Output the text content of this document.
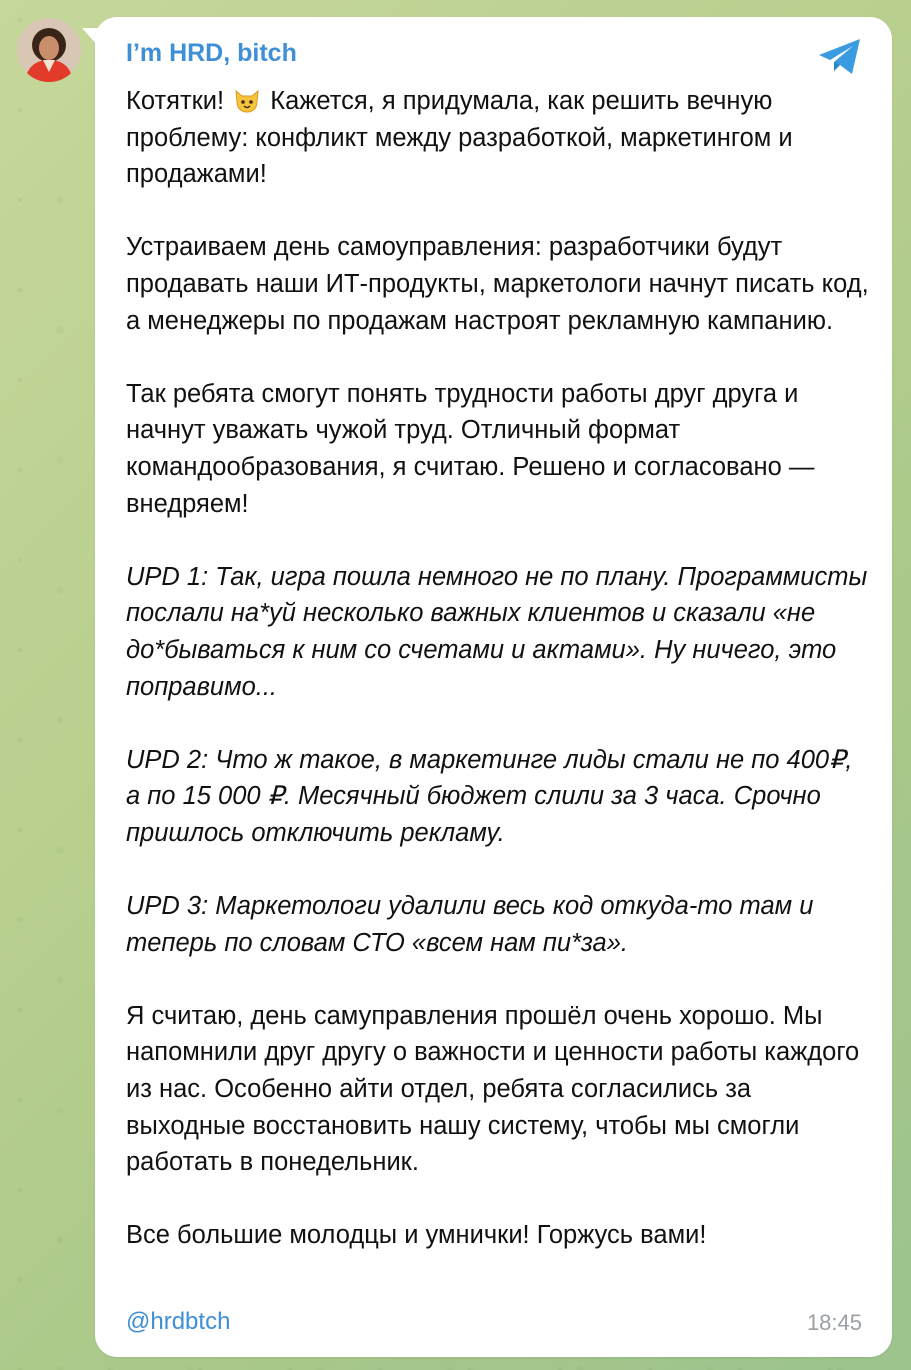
I’m HRD, bitch

Котятки!  Кажется, я придумала, как решить вечную проблему: конфликт между разработкой, маркетингом и продажами!

Устраиваем день самоуправления: разработчики будут продавать наши ИТ-продукты, маркетологи начнут писать код, а менеджеры по продажам настроят рекламную кампанию.

Так ребята смогут понять трудности работы друг друга и начнут уважать чужой труд. Отличный формат командообразования, я считаю. Решено и согласовано — внедряем!

UPD 1: Так, игра пошла немного не по плану. Программисты послали на*уй несколько важных клиентов и сказали «не до*бываться к ним со счетами и актами». Ну ничего, это поправимо...

UPD 2: Что ж такое, в маркетинге лиды стали не по 400₽, а по 15 000 ₽. Месячный бюджет слили за 3 часа. Срочно пришлось отключить рекламу.

UPD 3: Маркетологи удалили весь код откуда-то там и теперь по словам СТО «всем нам пи*за».

Я считаю, день самуправления прошёл очень хорошо. Мы напомнили друг другу о важности и ценности работы каждого из нас. Особенно айти отдел, ребята согласились за выходные восстановить нашу систему, чтобы мы смогли работать в понедельник.

Все большие молодцы и умнички! Горжусь вами!

@hrdbtch	18:45
